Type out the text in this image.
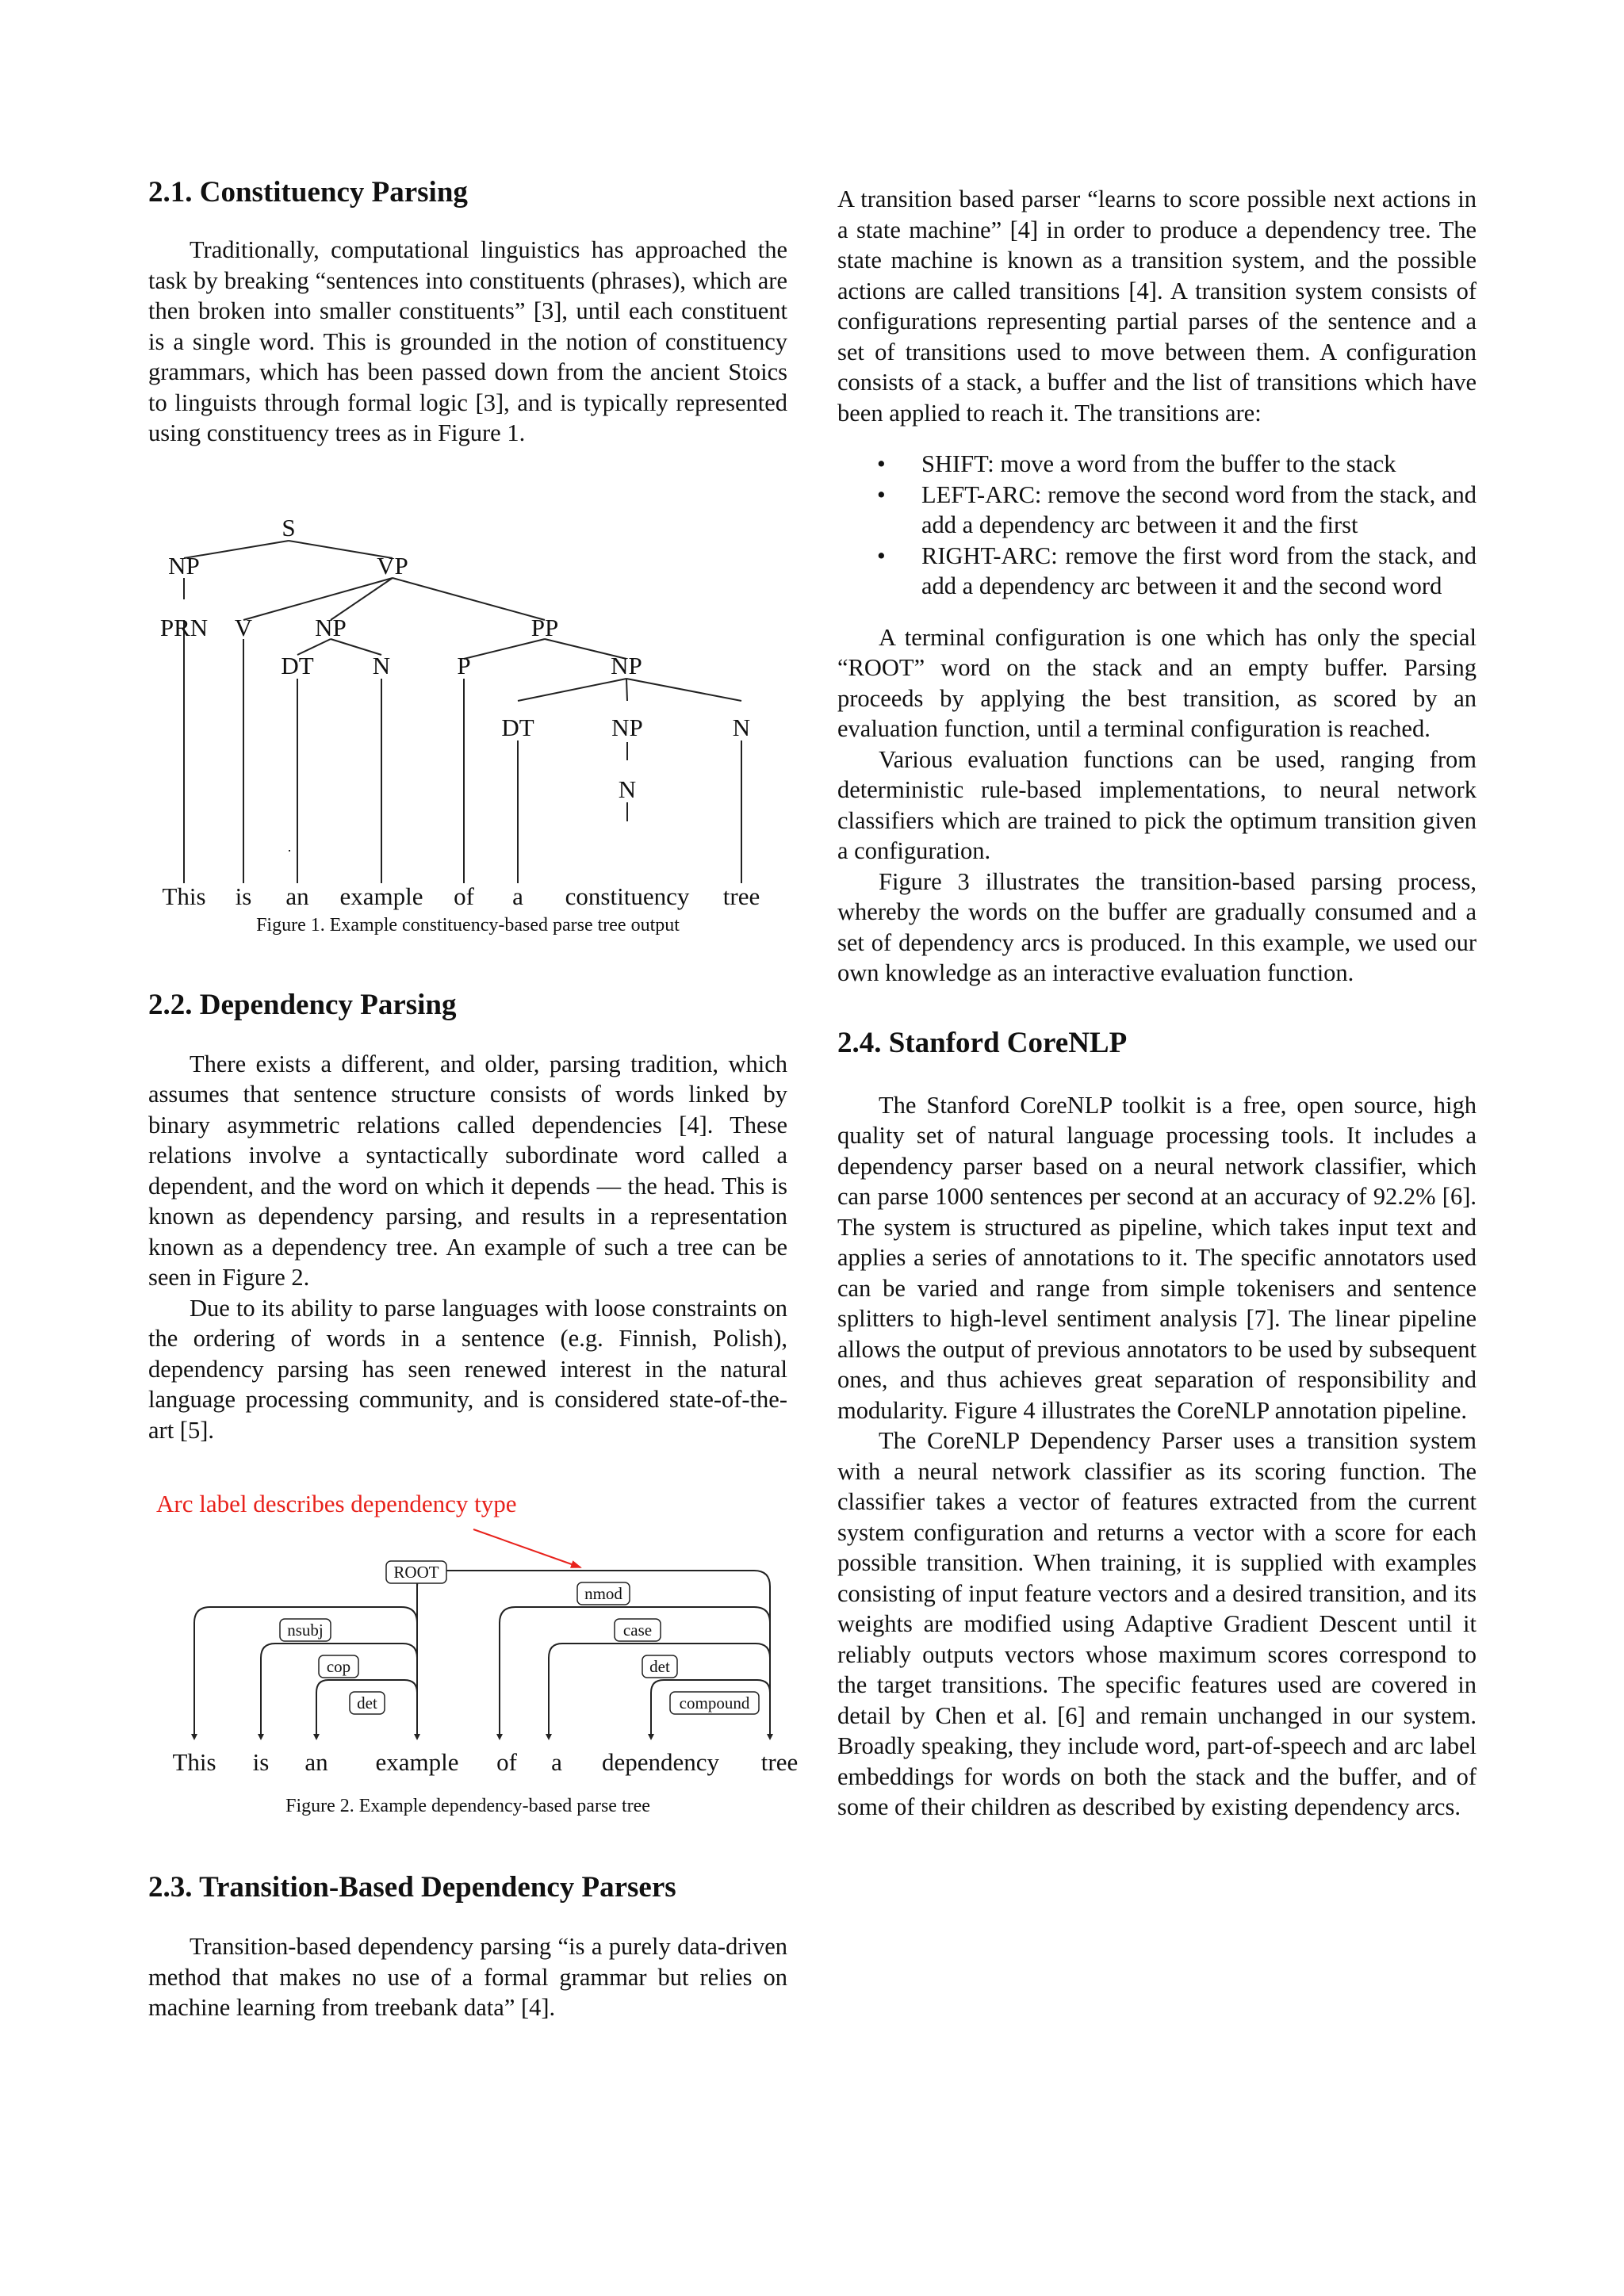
2.1. Constituency Parsing

Traditionally, computational linguistics has approached the task by breaking “sentences into constituents (phrases), which are then broken into smaller constituents” [3], until each constituent is a single word. This is grounded in the notion of constituency grammars, which has been passed down from the ancient Stoics to linguists through formal logic [3], and is typically represented using constituency trees as in Figure 1.

S
NP	VP
PRN V	NP	PP
DT N	P	NP
DT	NP	N
N
This is an example of a constituency tree

Figure 1. Example constituency-based parse tree output

2.2. Dependency Parsing

There exists a different, and older, parsing tradition, which assumes that sentence structure consists of words linked by binary asymmetric relations called dependencies [4]. These relations involve a syntactically subordinate word called a dependent, and the word on which it depends — the head. This is known as dependency parsing, and results in a representation known as a dependency tree. An example of such a tree can be seen in Figure 2.

Due to its ability to parse languages with loose constraints on the ordering of words in a sentence (e.g. Finnish, Polish), dependency parsing has seen renewed interest in the natural language processing community, and is considered state-of-the-art [5].

Arc label describes dependency type
ROOT
nmod
nsubj	case
cop	det
det	compound
This is an example of a dependency tree

Figure 2. Example dependency-based parse tree

2.3. Transition-Based Dependency Parsers

Transition-based dependency parsing “is a purely data-driven method that makes no use of a formal grammar but relies on machine learning from treebank data” [4].

A transition based parser “learns to score possible next actions in a state machine” [4] in order to produce a dependency tree. The state machine is known as a transition system, and the possible actions are called transitions [4]. A transition system consists of configurations representing partial parses of the sentence and a set of transitions used to move between them. A configuration consists of a stack, a buffer and the list of transitions which have been applied to reach it. The transitions are:

• SHIFT: move a word from the buffer to the stack
• LEFT-ARC: remove the second word from the stack, and add a dependency arc between it and the first
• RIGHT-ARC: remove the first word from the stack, and add a dependency arc between it and the second word

A terminal configuration is one which has only the special “ROOT” word on the stack and an empty buffer. Parsing proceeds by applying the best transition, as scored by an evaluation function, until a terminal configuration is reached.

Various evaluation functions can be used, ranging from deterministic rule-based implementations, to neural network classifiers which are trained to pick the optimum transition given a configuration.

Figure 3 illustrates the transition-based parsing process, whereby the words on the buffer are gradually consumed and a set of dependency arcs is produced. In this example, we used our own knowledge as an interactive evaluation function.

2.4. Stanford CoreNLP

The Stanford CoreNLP toolkit is a free, open source, high quality set of natural language processing tools. It includes a dependency parser based on a neural network classifier, which can parse 1000 sentences per second at an accuracy of 92.2% [6]. The system is structured as pipeline, which takes input text and applies a series of annotations to it. The specific annotators used can be varied and range from simple tokenisers and sentence splitters to high-level sentiment analysis [7]. The linear pipeline allows the output of previous annotators to be used by subsequent ones, and thus achieves great separation of responsibility and modularity. Figure 4 illustrates the CoreNLP annotation pipeline.

The CoreNLP Dependency Parser uses a transition system with a neural network classifier as its scoring function. The classifier takes a vector of features extracted from the current system configuration and returns a vector with a score for each possible transition. When training, it is supplied with examples consisting of input feature vectors and a desired transition, and its weights are modified using Adaptive Gradient Descent until it reliably outputs vectors whose maximum scores correspond to the target transitions. The specific features used are covered in detail by Chen et al. [6] and remain unchanged in our system. Broadly speaking, they include word, part-of-speech and arc label embeddings for words on both the stack and the buffer, and of some of their children as described by existing dependency arcs.
